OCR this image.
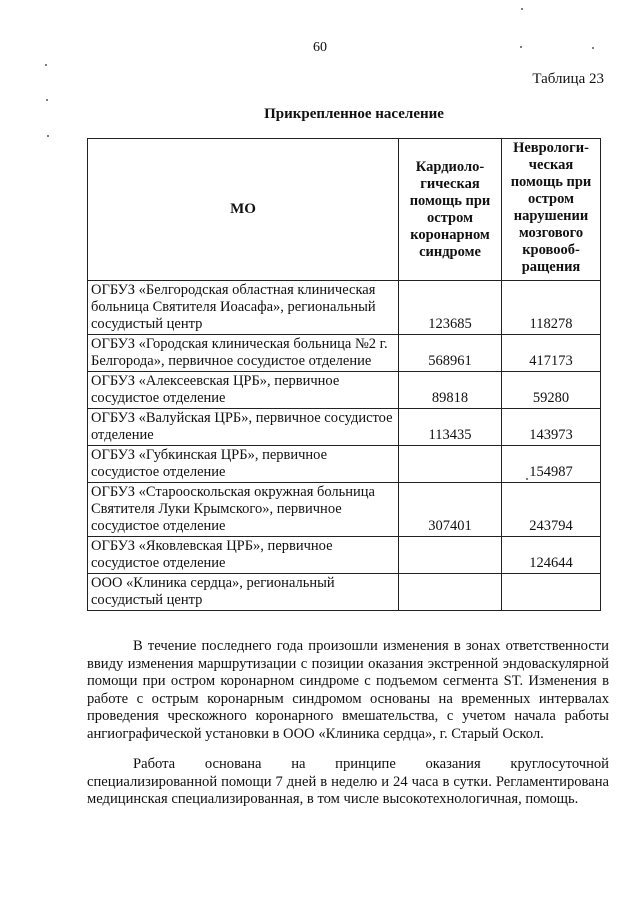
60
Таблица 23
Прикрепленное население
МО	Кардиоло-гическая помощь при остром коронарном синдроме	Неврологи-ческая помощь при остром нарушении мозгового кровооб-ращения
ОГБУЗ «Белгородская областная клиническая больница Святителя Иоасафа», региональный сосудистый центр	123685	118278
ОГБУЗ «Городская клиническая больница №2 г. Белгорода», первичное сосудистое отделение	568961	417173
ОГБУЗ «Алексеевская ЦРБ», первичное сосудистое отделение	89818	59280
ОГБУЗ «Валуйская ЦРБ», первичное сосудистое отделение	113435	143973
ОГБУЗ «Губкинская ЦРБ», первичное сосудистое отделение		154987
ОГБУЗ «Старооскольская окружная больница Святителя Луки Крымского», первичное сосудистое отделение	307401	243794
ОГБУЗ «Яковлевская ЦРБ», первичное сосудистое отделение		124644
ООО «Клиника сердца», региональный сосудистый центр		

В течение последнего года произошли изменения в зонах ответственности ввиду изменения маршрутизации с позиции оказания экстренной эндоваскулярной помощи при остром коронарном синдроме с подъемом сегмента ST. Изменения в работе с острым коронарным синдромом основаны на временных интервалах проведения чрескожного коронарного вмешательства, с учетом начала работы ангиографической установки в ООО «Клиника сердца», г. Старый Оскол.

Работа основана на принципе оказания круглосуточной специализированной помощи 7 дней в неделю и 24 часа в сутки. Регламентирована медицинская специализированная, в том числе высокотехнологичная, помощь.
